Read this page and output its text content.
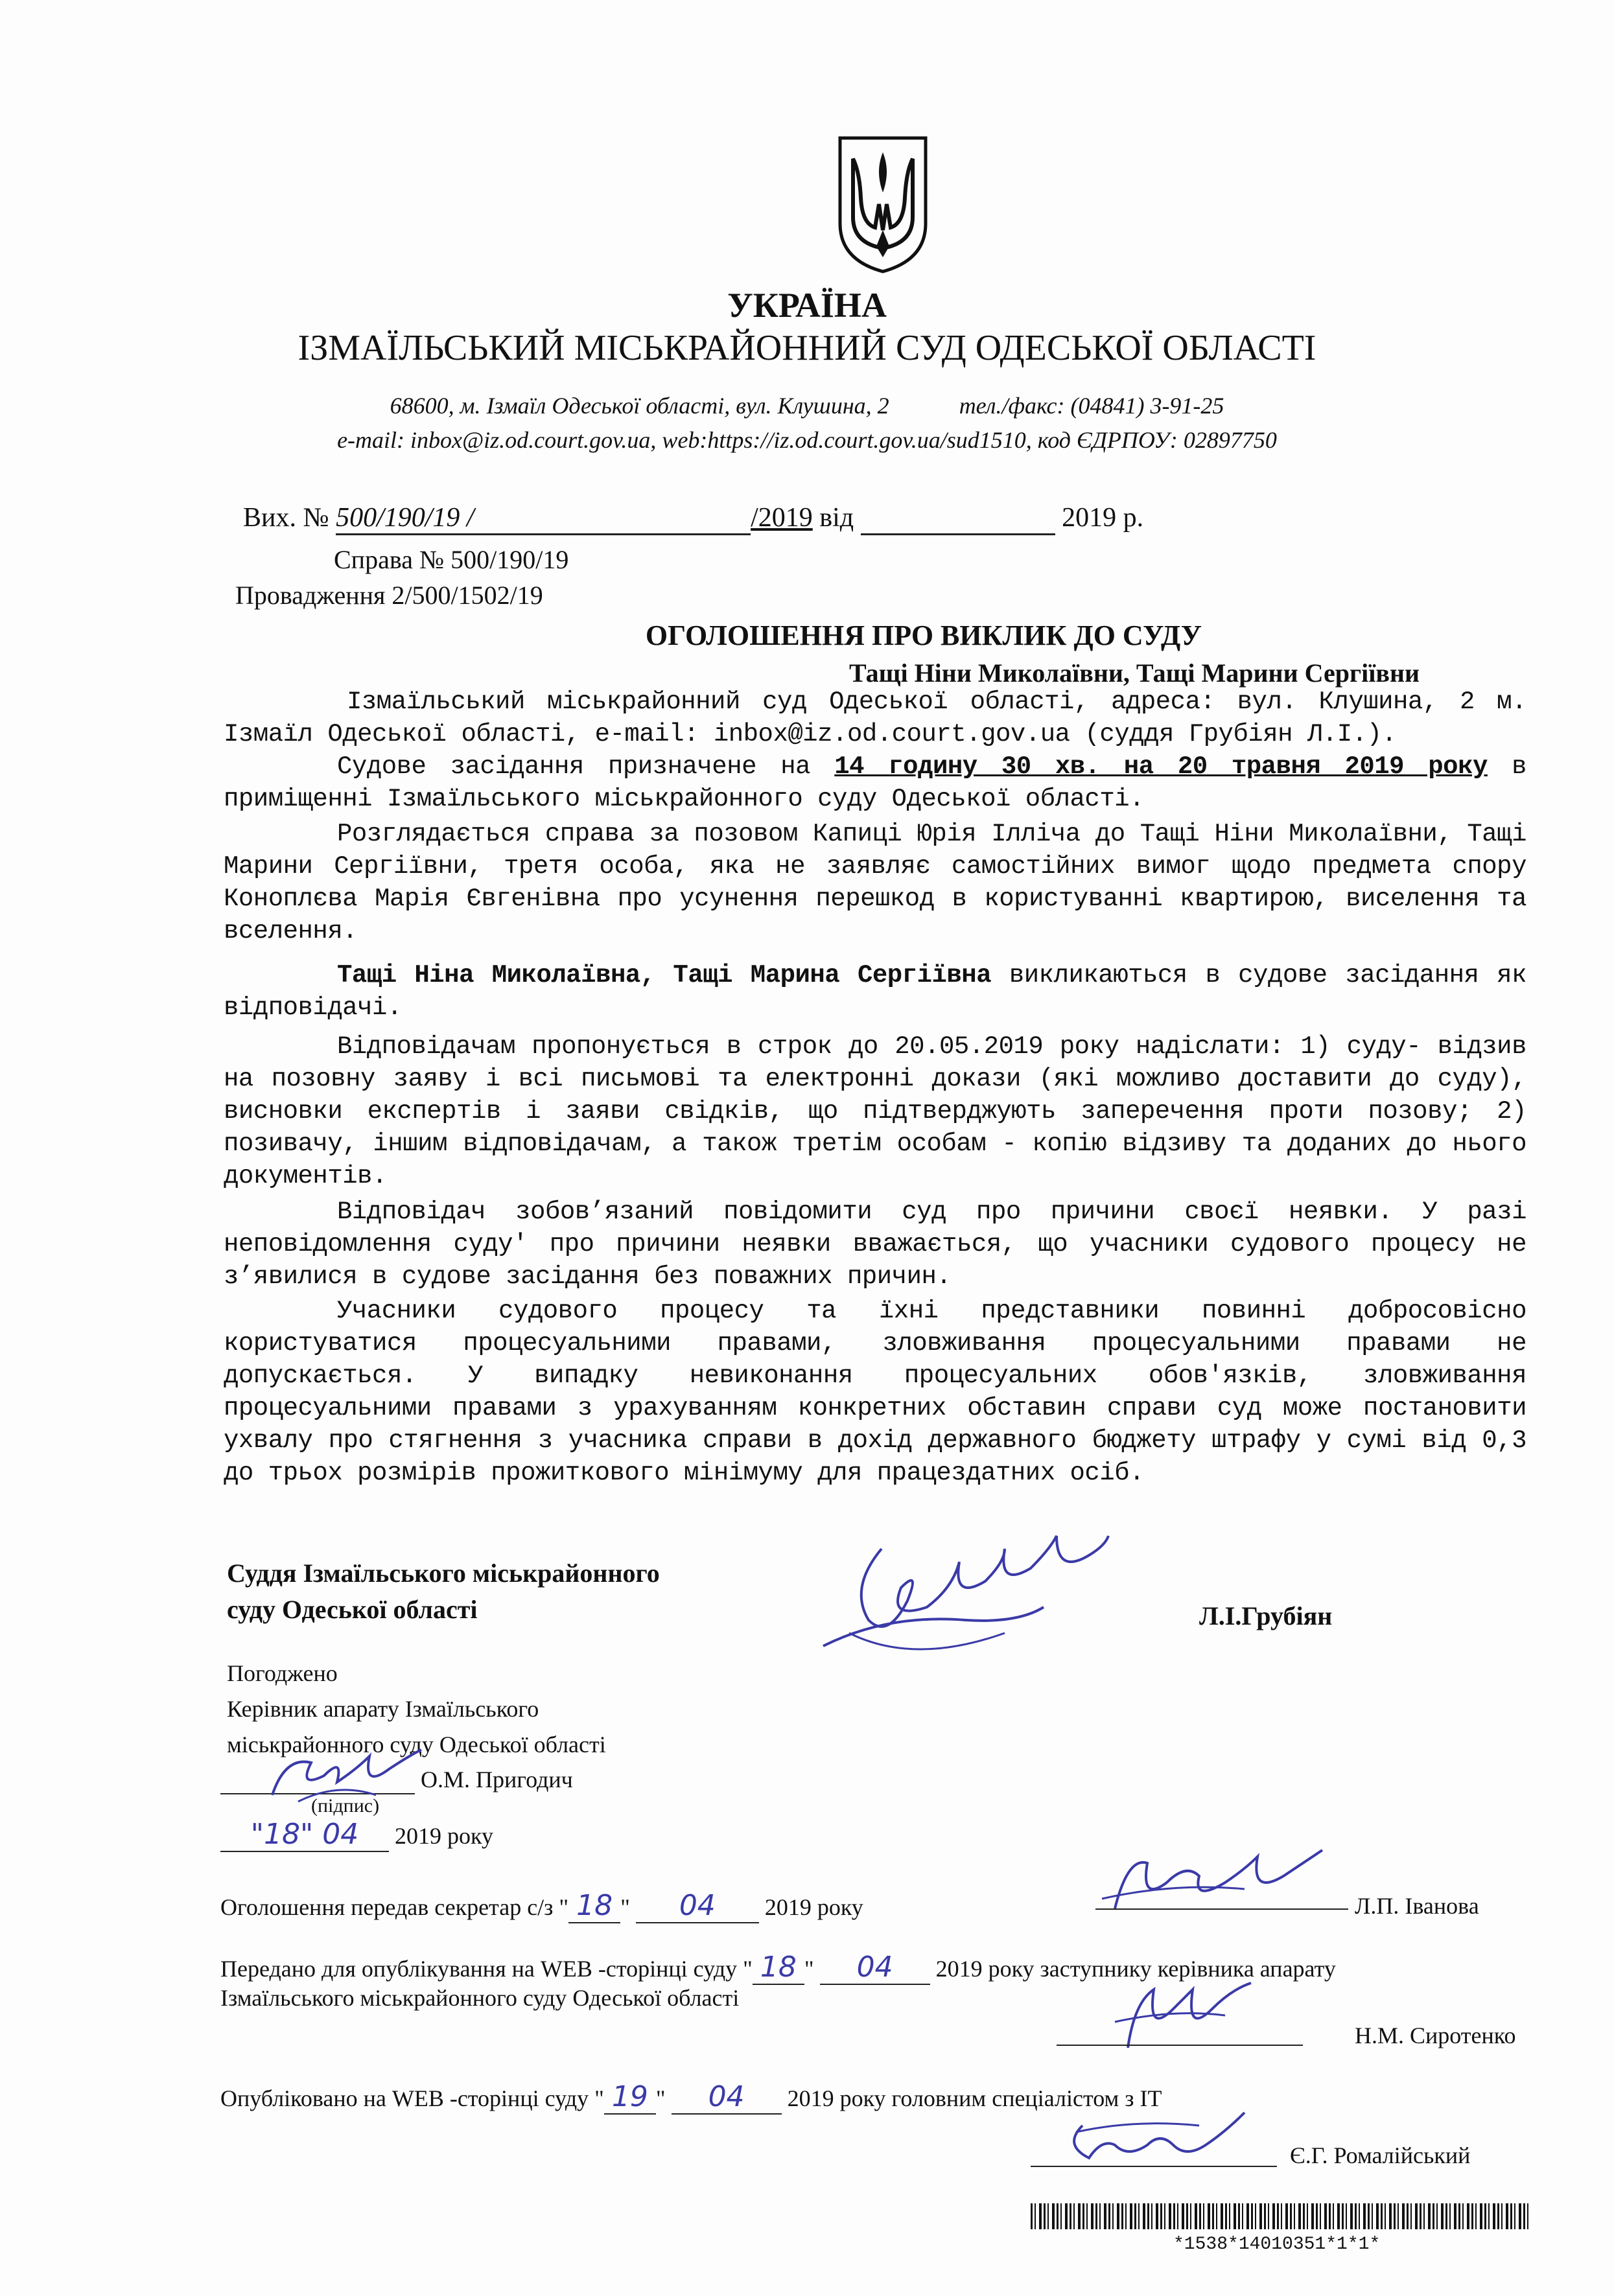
УКРАЇНА
ІЗМАЇЛЬСЬКИЙ МІСЬКРАЙОННИЙ СУД ОДЕСЬКОЇ ОБЛАСТІ
68600, м. Ізмаїл Одеської області, вул. Клушина, 2	тел./факс: (04841) 3-91-25
e-mail: inbox@iz.od.court.gov.ua, web:https://iz.od.court.gov.ua/sud1510, код ЄДРПОУ: 02897750
Вих. № 500/190/19 /	/2019 від	2019 р.
Справа № 500/190/19
Провадження 2/500/1502/19
ОГОЛОШЕННЯ ПРО ВИКЛИК ДО СУДУ
Тащі Ніни Миколаївни, Тащі Марини Сергіївни
Ізмаїльський міськрайонний суд Одеської області, адреса: вул. Клушина, 2 м. Ізмаїл Одеської області, e-mail: inbox@iz.od.court.gov.ua (суддя Грубіян Л.І.).
Судове засідання призначене на 14 годину 30 хв. на 20 травня 2019 року в приміщенні Ізмаїльського міськрайонного суду Одеської області.
Розглядається справа за позовом Капиці Юрія Ілліча до Тащі Ніни Миколаївни, Тащі Марини Сергіївни, третя особа, яка не заявляє самостійних вимог щодо предмета спору Коноплєва Марія Євгенівна про усунення перешкод в користуванні квартирою, виселення та вселення.
Тащі Ніна Миколаївна, Тащі Марина Сергіївна викликаються в судове засідання як відповідачі.
Відповідачам пропонується в строк до 20.05.2019 року надіслати: 1) суду- відзив на позовну заяву і всі письмові та електронні докази (які можливо доставити до суду), висновки експертів і заяви свідків, що підтверджують заперечення проти позову; 2) позивачу, іншим відповідачам, а також третім особам - копію відзиву та доданих до нього документів.
Відповідач зобов’язаний повідомити суд про причини своєї неявки. У разі неповідомлення суду' про причини неявки вважається, що учасники судового процесу не з’явилися в судове засідання без поважних причин.
Учасники судового процесу та їхні представники повинні добросовісно користуватися процесуальними правами, зловживання процесуальними правами не допускається. У випадку невиконання процесуальних обов'язків, зловживання процесуальними правами з урахуванням конкретних обставин справи суд може постановити ухвалу про стягнення з учасника справи в дохід державного бюджету штрафу у сумі від 0,3 до трьох розмірів прожиткового мінімуму для працездатних осіб.
Суддя Ізмаїльського міськрайонного
суду Одеської області	Л.І.Грубіян
Погоджено
Керівник апарату Ізмаїльського
міськрайонного суду Одеської області
О.М. Пригодич
(підпис)
"18" 04 2019 року
Оголошення передав секретар с/з " 18 " 04 2019 року	Л.П. Іванова
Передано для опублікування на WEB -сторінці суду " 18 " 04 2019 року заступнику керівника апарату
Ізмаїльського міськрайонного суду Одеської області
Н.М. Сиротенко
Опубліковано на WEB -сторінці суду " 19 " 04 2019 року головним спеціалістом з IT
Є.Г. Ромалійський
*1538*14010351*1*1*
